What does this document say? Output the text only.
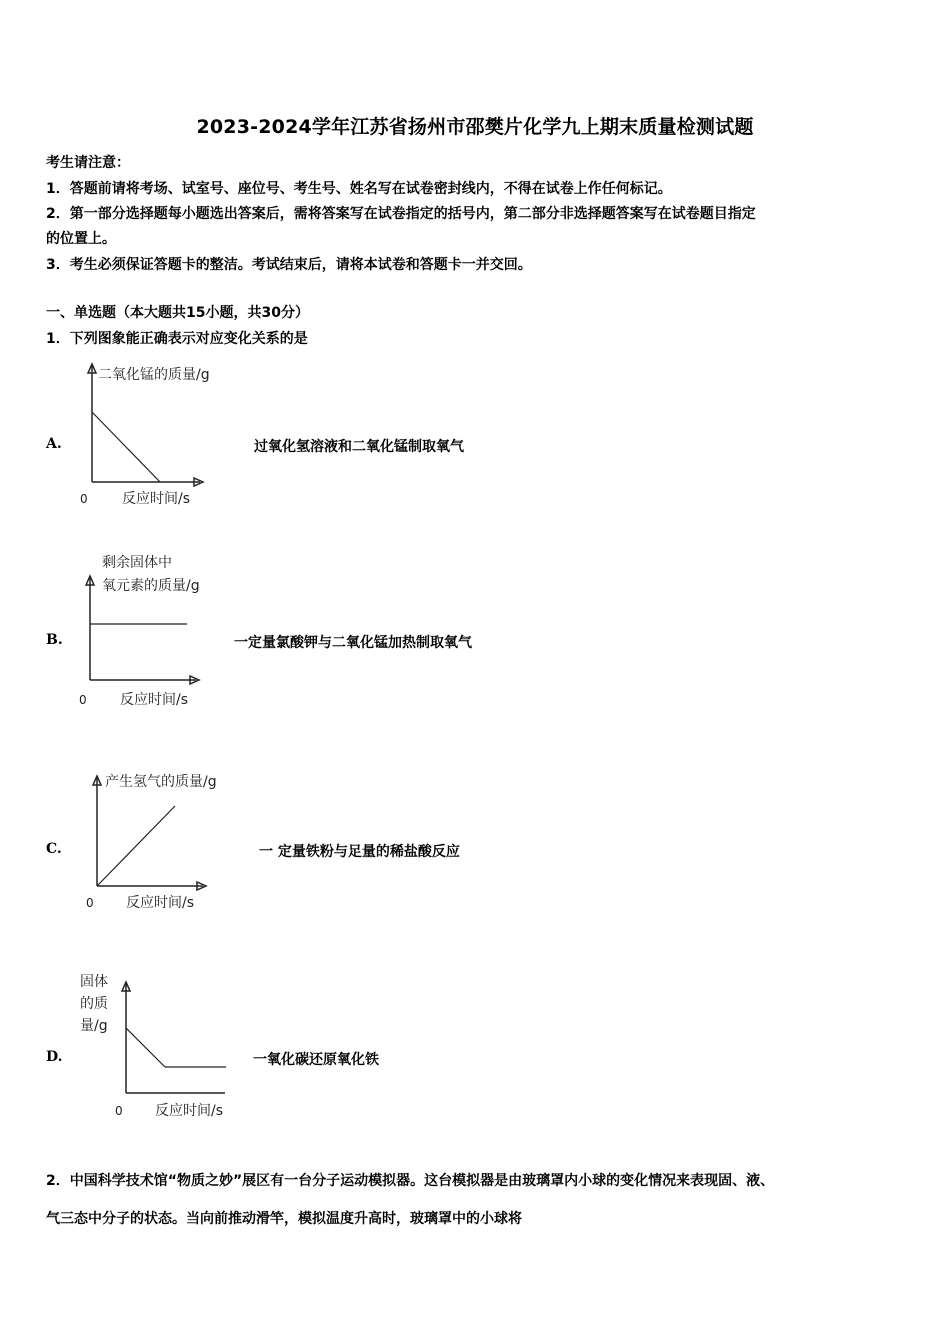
2023-2024学年江苏省扬州市邵樊片化学九上期末质量检测试题
考生请注意：
1．答题前请将考场、试室号、座位号、考生号、姓名写在试卷密封线内，不得在试卷上作任何标记。
2．第一部分选择题每小题选出答案后，需将答案写在试卷指定的括号内，第二部分非选择题答案写在试卷题目指定
的位置上。
3．考生必须保证答题卡的整洁。考试结束后，请将本试卷和答题卡一并交回。
一、单选题（本大题共15小题，共30分）
1．下列图象能正确表示对应变化关系的是
A.
二氧化锰的质量/g
0 反应时间/s
过氧化氢溶液和二氧化锰制取氧气
B.
剩余固体中
氧元素的质量/g
0 反应时间/s
一定量氯酸钾与二氧化锰加热制取氧气
C.
产生氢气的质量/g
0 反应时间/s
一 定量铁粉与足量的稀盐酸反应
D.
固体
的质
量/g
0 反应时间/s
一氧化碳还原氧化铁
2．中国科学技术馆“物质之妙”展区有一台分子运动模拟器。这台模拟器是由玻璃罩内小球的变化情况来表现固、液、
气三态中分子的状态。当向前推动滑竿，模拟温度升高时，玻璃罩中的小球将
